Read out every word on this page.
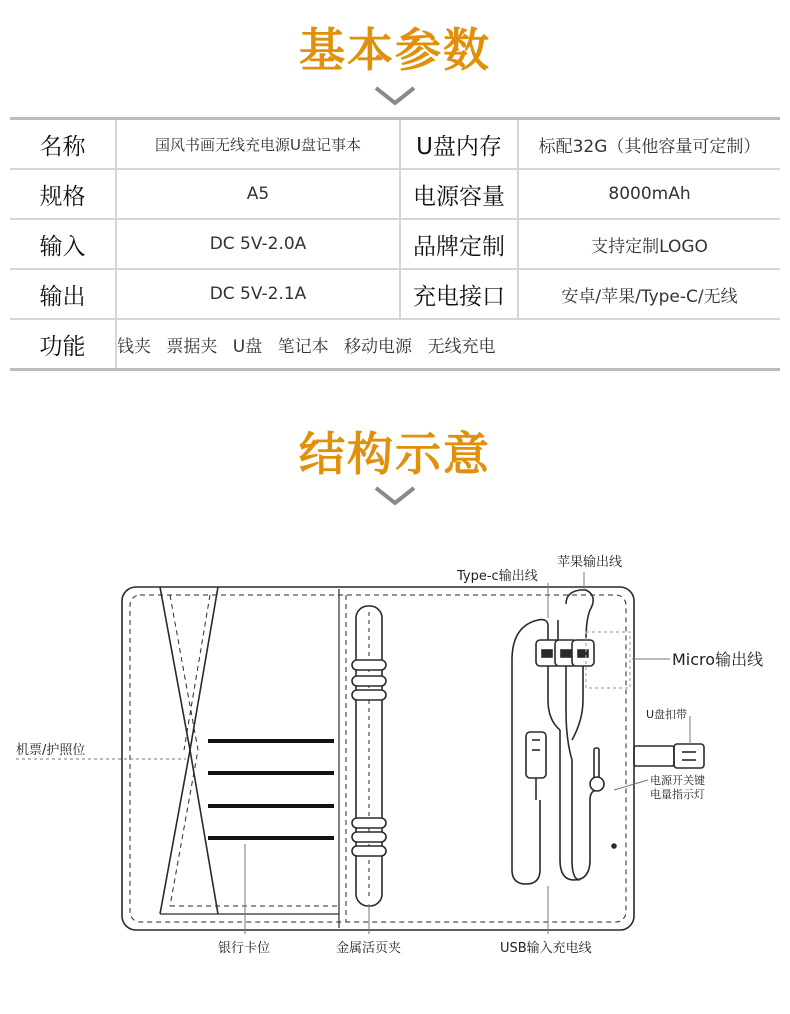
基本参数
名称	国风书画无线充电源U盘记事本	U盘内存	标配32G（其他容量可定制）
规格	A5	电源容量	8000mAh
输入	DC 5V-2.0A	品牌定制	支持定制LOGO
输出	DC 5V-2.1A	充电接口	安卓/苹果/Type-C/无线
功能	钱夹 票据夹 U盘 笔记本 移动电源 无线充电		
结构示意
苹果输出线
Type-c输出线
Micro输出线
U盘扣带
电源开关键
电量指示灯
机票/护照位
银行卡位	金属活页夹	USB输入充电线
